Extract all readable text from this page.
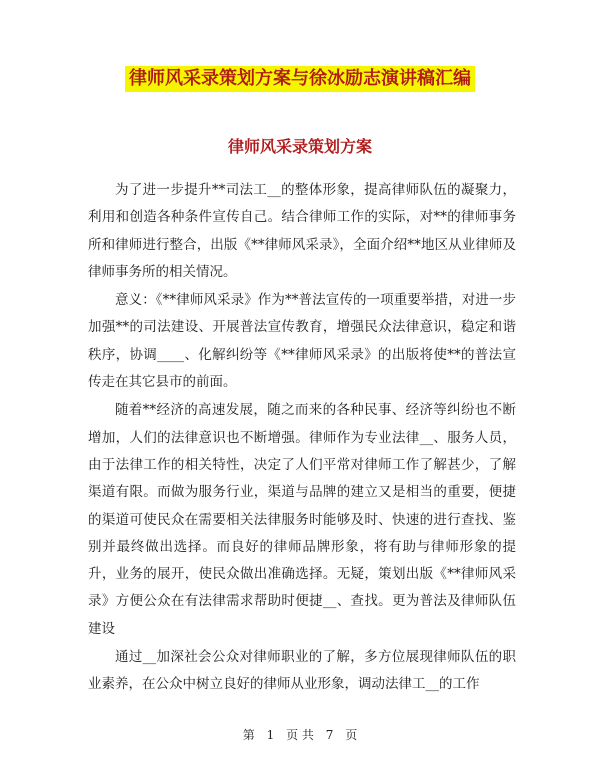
律师风采录策划方案与徐冰励志演讲稿汇编
律师风采录策划方案

为了进一步提升**司法工__的整体形象，提高律师队伍的凝聚力，利用和创造各种条件宣传自己。结合律师工作的实际，对**的律师事务所和律师进行整合，出版《**律师风采录》，全面介绍**地区从业律师及律师事务所的相关情况。

意义：《**律师风采录》作为**普法宣传的一项重要举措，对进一步加强**的司法建设、开展普法宣传教育，增强民众法律意识，稳定和谐秩序，协调____、化解纠纷等《**律师风采录》的出版将使**的普法宣传走在其它县市的前面。

随着**经济的高速发展，随之而来的各种民事、经济等纠纷也不断增加，人们的法律意识也不断增强。律师作为专业法律__、服务人员，由于法律工作的相关特性，决定了人们平常对律师工作了解甚少，了解渠道有限。而做为服务行业，渠道与品牌的建立又是相当的重要，便捷的渠道可使民众在需要相关法律服务时能够及时、快速的进行查找、鉴别并最终做出选择。而良好的律师品牌形象，将有助与律师形象的提升，业务的展开，使民众做出准确选择。无疑，策划出版《**律师风采录》方便公众在有法律需求帮助时便捷__、查找。更为普法及律师队伍建设

通过__加深社会公众对律师职业的了解，多方位展现律师队伍的职业素养，在公众中树立良好的律师从业形象，调动法律工__的工作

第 1 页 共 7 页
